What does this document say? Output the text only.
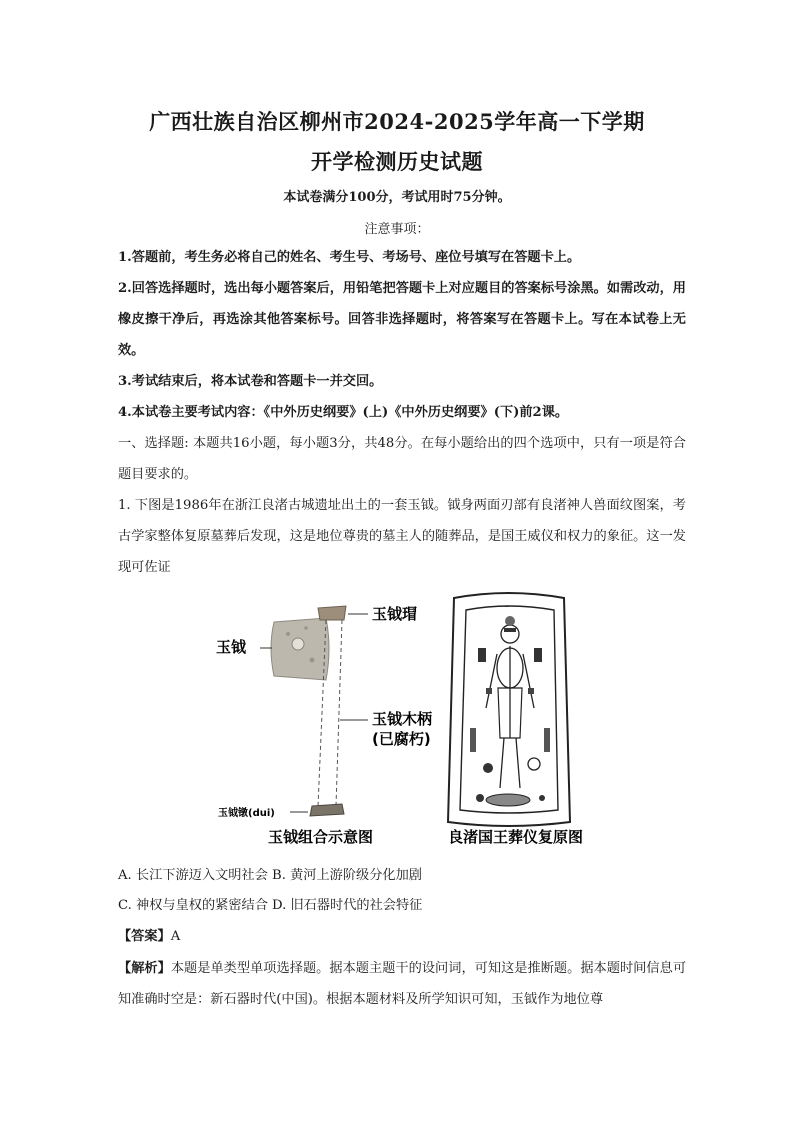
广西壮族自治区柳州市2024-2025学年高一下学期
开学检测历史试题
本试卷满分100分，考试用时75分钟。
注意事项：
1.答题前，考生务必将自己的姓名、考生号、考场号、座位号填写在答题卡上。
2.回答选择题时，选出每小题答案后，用铅笔把答题卡上对应题目的答案标号涂黑。如需改动，用橡皮擦干净后，再选涂其他答案标号。回答非选择题时，将答案写在答题卡上。写在本试卷上无效。
3.考试结束后，将本试卷和答题卡一并交回。
4.本试卷主要考试内容：《中外历史纲要》(上)《中外历史纲要》(下)前2课。
一、选择题: 本题共16小题，每小题3分，共48分。在每小题给出的四个选项中，只有一项是符合题目要求的。
1. 下图是1986年在浙江良渚古城遗址出土的一套玉钺。钺身两面刃部有良渚神人兽面纹图案，考古学家整体复原墓葬后发现，这是地位尊贵的墓主人的随葬品，是国王威仪和权力的象征。这一发现可佐证
玉钺
玉钺瑁
玉钺木柄
(已腐朽)
玉钺镦(dui)
玉钺组合示意图	良渚国王葬仪复原图
A. 长江下游迈入文明社会 B. 黄河上游阶级分化加剧
C. 神权与皇权的紧密结合 D. 旧石器时代的社会特征
【答案】A
【解析】本题是单类型单项选择题。据本题主题干的设问词，可知这是推断题。据本题时间信息可知准确时空是：新石器时代(中国)。根据本题材料及所学知识可知，玉钺作为地位尊
